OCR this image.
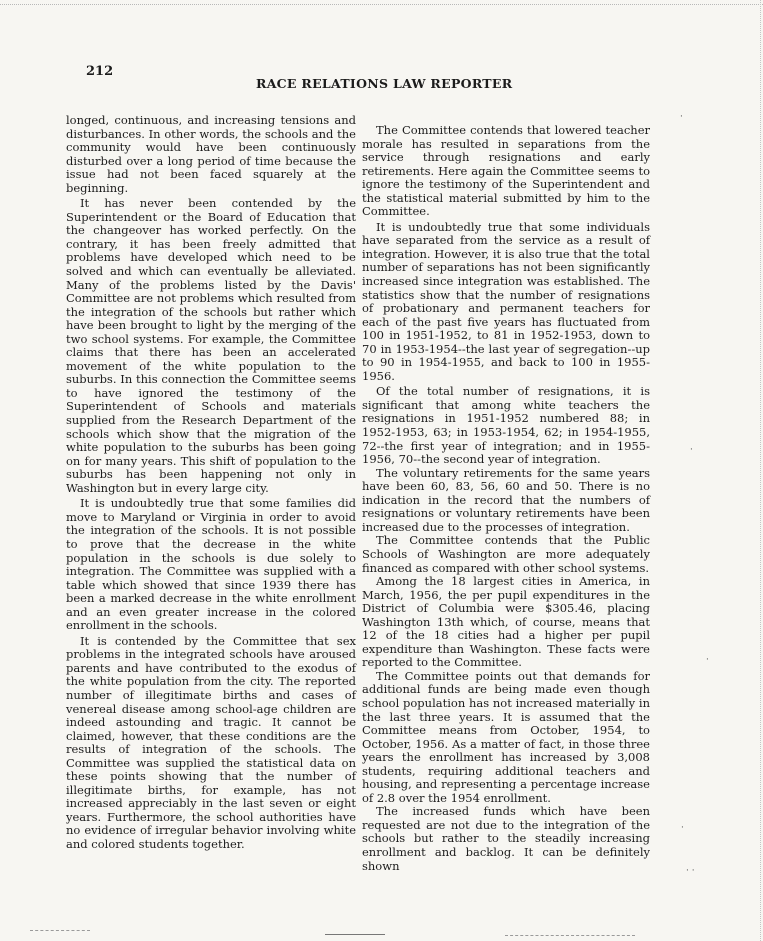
212
RACE RELATIONS LAW REPORTER

longed, continuous, and increasing tensions and disturbances. In other words, the schools and the community would have been continuously disturbed over a long period of time because the issue had not been faced squarely at the beginning.

It has never been contended by the Superintendent or the Board of Education that the changeover has worked perfectly. On the contrary, it has been freely admitted that problems have developed which need to be solved and which can eventually be alleviated. Many of the problems listed by the Davis' Committee are not problems which resulted from the integration of the schools but rather which have been brought to light by the merging of the two school systems. For example, the Committee claims that there has been an accelerated movement of the white population to the suburbs. In this connection the Committee seems to have ignored the testimony of the Superintendent of Schools and materials supplied from the Research Department of the schools which show that the migration of the white population to the suburbs has been going on for many years. This shift of population to the suburbs has been happening not only in Washington but in every large city.

It is undoubtedly true that some families did move to Maryland or Virginia in order to avoid the integration of the schools. It is not possible to prove that the decrease in the white population in the schools is due solely to integration. The Committee was supplied with a table which showed that since 1939 there has been a marked decrease in the white enrollment and an even greater increase in the colored enrollment in the schools.

It is contended by the Committee that sex problems in the integrated schools have aroused parents and have contributed to the exodus of the white population from the city. The reported number of illegitimate births and cases of venereal disease among school-age children are indeed astounding and tragic. It cannot be claimed, however, that these conditions are the results of integration of the schools. The Committee was supplied the statistical data on these points showing that the number of illegitimate births, for example, has not increased appreciably in the last seven or eight years. Furthermore, the school authorities have no evidence of irregular behavior involving white and colored students together.

The Committee contends that lowered teacher morale has resulted in separations from the service through resignations and early retirements. Here again the Committee seems to ignore the testimony of the Superintendent and the statistical material submitted by him to the Committee.

It is undoubtedly true that some individuals have separated from the service as a result of integration. However, it is also true that the total number of separations has not been significantly increased since integration was established. The statistics show that the number of resignations of probationary and permanent teachers for each of the past five years has fluctuated from 100 in 1951-1952, to 81 in 1952-1953, down to 70 in 1953-1954--the last year of segregation--up to 90 in 1954-1955, and back to 100 in 1955-1956.

Of the total number of resignations, it is significant that among white teachers the resignations in 1951-1952 numbered 88; in 1952-1953, 63; in 1953-1954, 62; in 1954-1955, 72--the first year of integration; and in 1955-1956, 70--the second year of integration.

The voluntary retirements for the same years have been 60, 83, 56, 60 and 50. There is no indication in the record that the numbers of resignations or voluntary retirements have been increased due to the processes of integration.

The Committee contends that the Public Schools of Washington are more adequately financed as compared with other school systems.

Among the 18 largest cities in America, in March, 1956, the per pupil expenditures in the District of Columbia were $305.46, placing Washington 13th which, of course, means that 12 of the 18 cities had a higher per pupil expenditure than Washington. These facts were reported to the Committee.

The Committee points out that demands for additional funds are being made even though school population has not increased materially in the last three years. It is assumed that the Committee means from October, 1954, to October, 1956. As a matter of fact, in those three years the enrollment has increased by 3,008 students, requiring additional teachers and housing, and representing a percentage increase of 2.8 over the 1954 enrollment.

The increased funds which have been requested are not due to the integration of the schools but rather to the steadily increasing enrollment and backlog. It can be definitely shown

·
·
·
·
· ·
